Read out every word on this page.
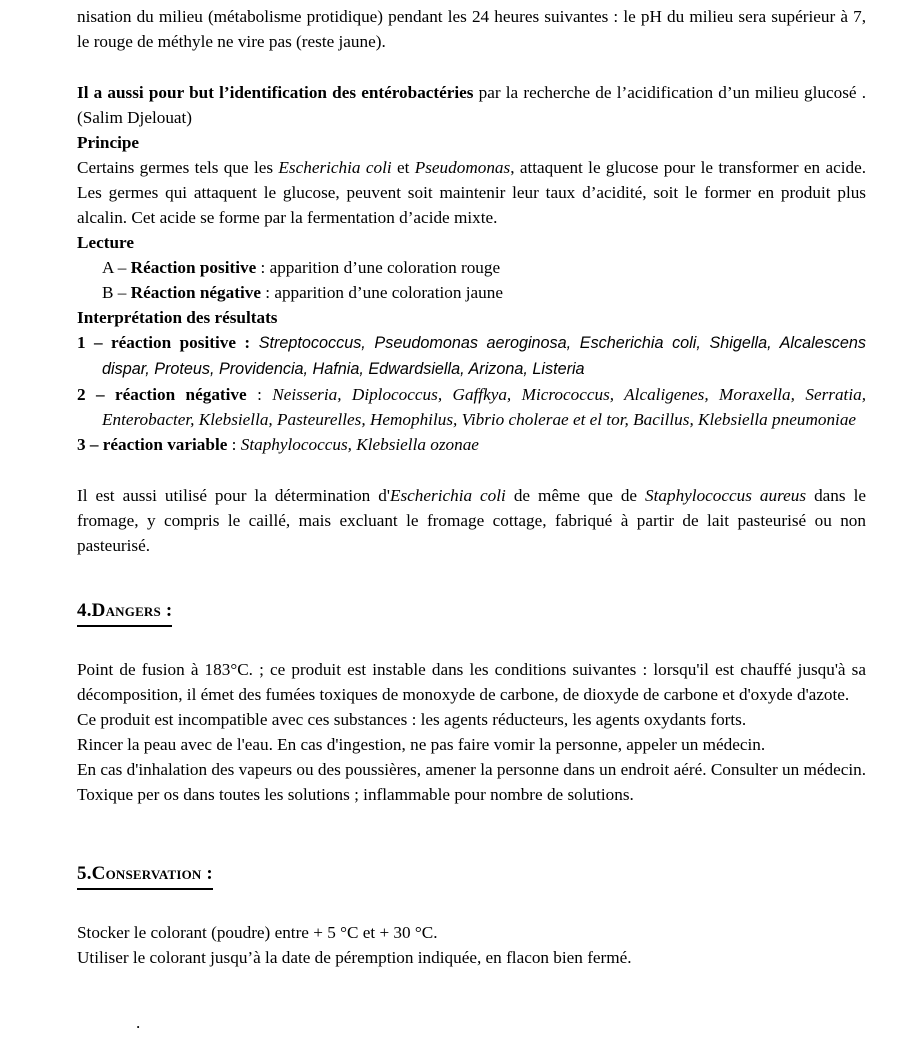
nisation du milieu (métabolisme protidique) pendant les 24 heures suivantes : le pH du milieu sera supérieur à 7, le rouge de méthyle ne vire pas (reste jaune).

Il a aussi pour but l’identification des entérobactéries par la recherche de l’acidification d’un milieu glucosé . (Salim Djelouat)

Principe

Certains germes tels que les Escherichia coli et Pseudomonas, attaquent le glucose pour le transformer en acide. Les germes qui attaquent le glucose, peuvent soit maintenir leur taux d’acidité, soit le former en produit plus alcalin. Cet acide se forme par la fermentation d’acide mixte.

Lecture

A – Réaction positive : apparition d’une coloration rouge

B – Réaction négative : apparition d’une coloration jaune

Interprétation des résultats

1 – réaction positive : Streptococcus, Pseudomonas aeroginosa, Escherichia coli, Shigella, Alcalescens dispar, Proteus, Providencia, Hafnia, Edwardsiella, Arizona, Listeria

2 – réaction négative : Neisseria, Diplococcus, Gaffkya, Micrococcus, Alcaligenes, Moraxella, Serratia, Enterobacter, Klebsiella, Pasteurelles, Hemophilus, Vibrio cholerae et el tor, Bacillus, Klebsiella pneumoniae

3 – réaction variable : Staphylococcus, Klebsiella ozonae

Il est aussi utilisé pour la détermination d'Escherichia coli de même que de Staphylococcus aureus dans le fromage, y compris le caillé, mais excluant le fromage cottage, fabriqué à partir de lait pasteurisé ou non pasteurisé.

4.Dangers :

Point de fusion à 183°C. ; ce produit est instable dans les conditions suivantes : lorsqu'il est chauffé jusqu'à sa décomposition, il émet des fumées toxiques de monoxyde de carbone, de dioxyde de carbone et d'oxyde d'azote.

Ce produit est incompatible avec ces substances : les agents réducteurs, les agents oxydants forts.

Rincer la peau avec de l'eau. En cas d'ingestion, ne pas faire vomir la personne, appeler un médecin.

En cas d'inhalation des vapeurs ou des poussières, amener la personne dans un endroit aéré. Consulter un médecin. Toxique per os dans toutes les solutions ; inflammable pour nombre de solutions.

5.Conservation :

Stocker le colorant (poudre) entre + 5 °C et + 30 °C.

Utiliser le colorant jusqu’à la date de péremption indiquée, en flacon bien fermé.

.
